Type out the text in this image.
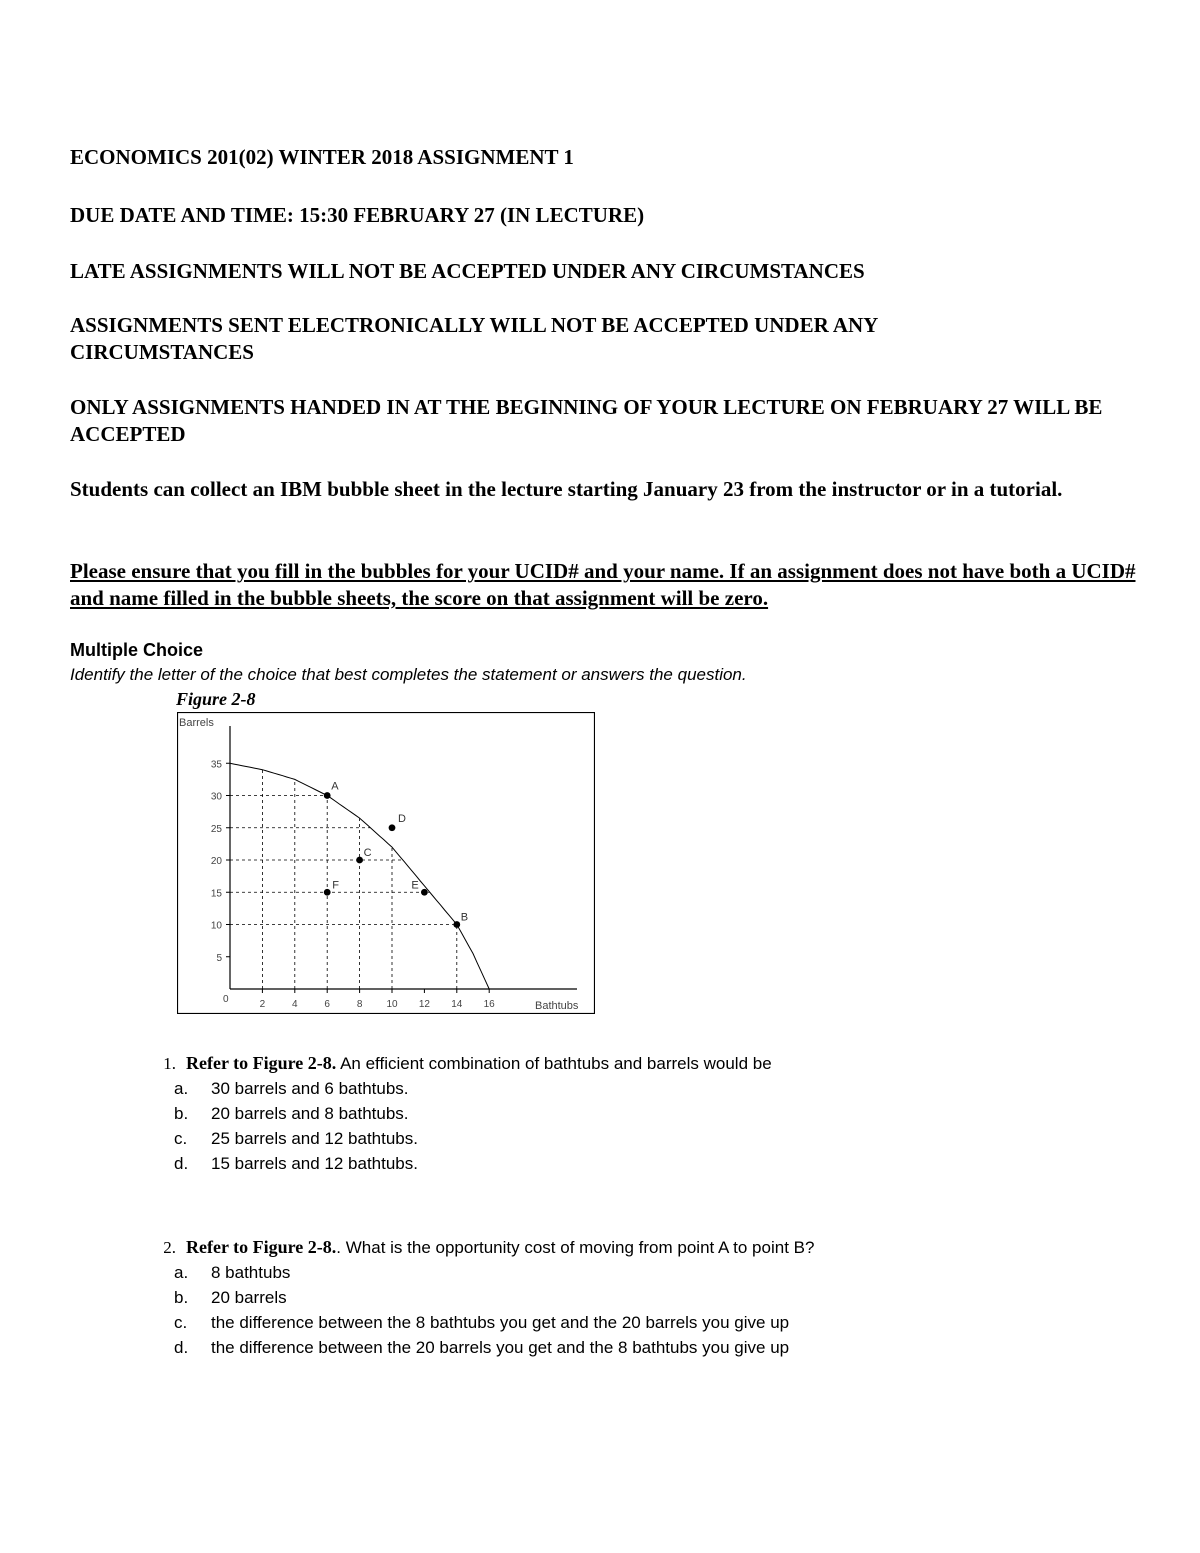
ECONOMICS 201(02) WINTER 2018 ASSIGNMENT 1

DUE DATE AND TIME: 15:30 FEBRUARY 27 (IN LECTURE)

LATE ASSIGNMENTS WILL NOT BE ACCEPTED UNDER ANY CIRCUMSTANCES

ASSIGNMENTS SENT ELECTRONICALLY WILL NOT BE ACCEPTED UNDER ANY CIRCUMSTANCES

ONLY ASSIGNMENTS HANDED IN AT THE BEGINNING OF YOUR LECTURE ON FEBRUARY 27 WILL BE ACCEPTED

Students can collect an IBM bubble sheet in the lecture starting January 23 from the instructor or in a tutorial.

Please ensure that you fill in the bubbles for your UCID# and your name. If an assignment does not have both a UCID# and name filled in the bubble sheets, the score on that assignment will be zero.

Multiple Choice
Identify the letter of the choice that best completes the statement or answers the question.
Figure 2-8
Barrels
Bathtubs
0	2	4	6	8 10 12 14 16
5
10
15
20
25
30
35
A
B
C
D
E
F
1. Refer to Figure 2-8. An efficient combination of bathtubs and barrels would be
a.	30 barrels and 6 bathtubs.
b.	20 barrels and 8 bathtubs.
c.	25 barrels and 12 bathtubs.
d.	15 barrels and 12 bathtubs.
2. Refer to Figure 2-8.. What is the opportunity cost of moving from point A to point B?
a.	8 bathtubs
b.	20 barrels
c.	the difference between the 8 bathtubs you get and the 20 barrels you give up
d.	the difference between the 20 barrels you get and the 8 bathtubs you give up
